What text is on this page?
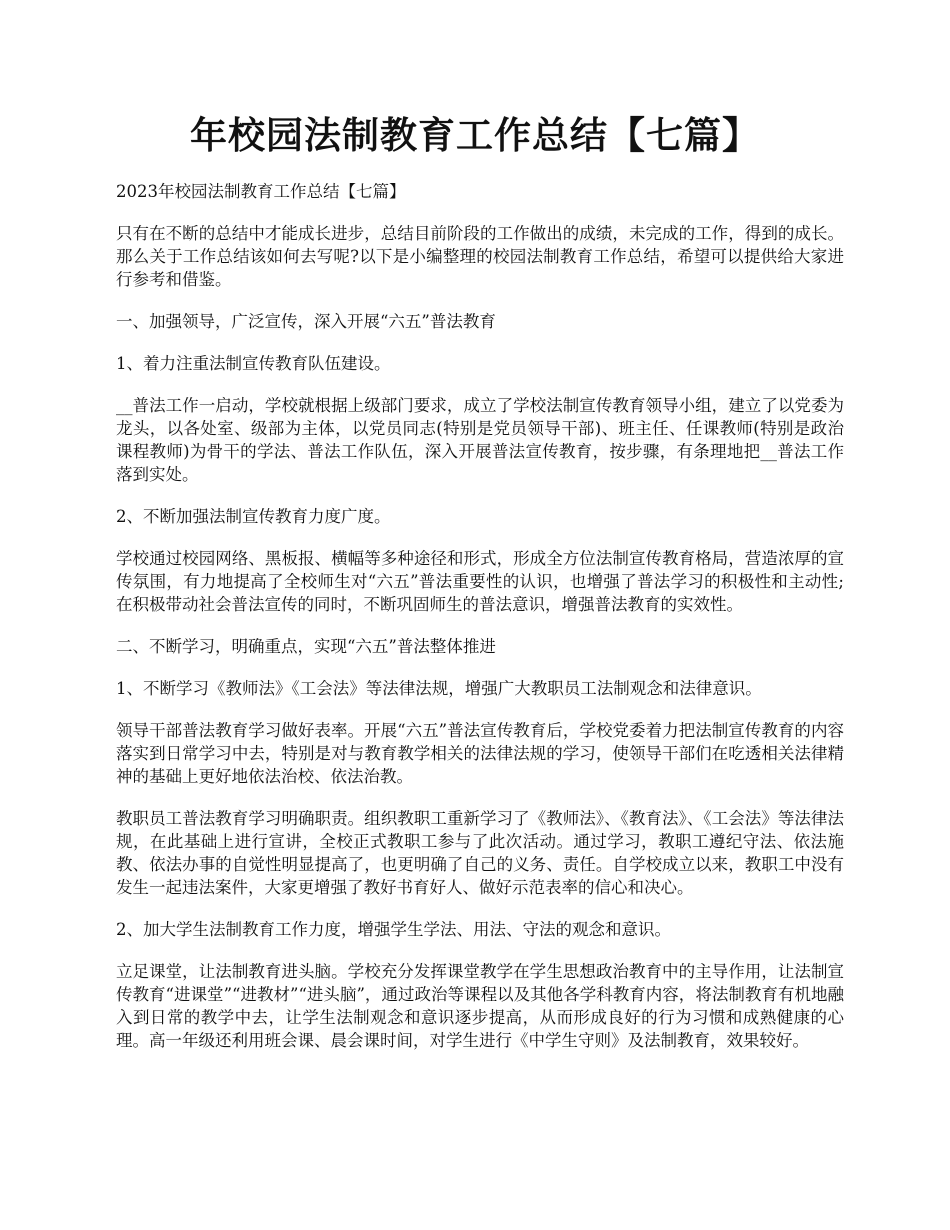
年校园法制教育工作总结【七篇】

2023年校园法制教育工作总结【七篇】

只有在不断的总结中才能成长进步，总结目前阶段的工作做出的成绩，未完成的工作，得到的成长。那么关于工作总结该如何去写呢?以下是小编整理的校园法制教育工作总结，希望可以提供给大家进行参考和借鉴。

一、加强领导，广泛宣传，深入开展“六五”普法教育

1、着力注重法制宣传教育队伍建设。

__普法工作一启动，学校就根据上级部门要求，成立了学校法制宣传教育领导小组，建立了以党委为龙头，以各处室、级部为主体，以党员同志(特别是党员领导干部)、班主任、任课教师(特别是政治课程教师)为骨干的学法、普法工作队伍，深入开展普法宣传教育，按步骤，有条理地把__普法工作落到实处。

2、不断加强法制宣传教育力度广度。

学校通过校园网络、黑板报、横幅等多种途径和形式，形成全方位法制宣传教育格局，营造浓厚的宣传氛围，有力地提高了全校师生对“六五”普法重要性的认识，也增强了普法学习的积极性和主动性;在积极带动社会普法宣传的同时，不断巩固师生的普法意识，增强普法教育的实效性。

二、不断学习，明确重点，实现“六五”普法整体推进

1、不断学习《教师法》《工会法》等法律法规，增强广大教职员工法制观念和法律意识。

领导干部普法教育学习做好表率。开展“六五”普法宣传教育后，学校党委着力把法制宣传教育的内容落实到日常学习中去，特别是对与教育教学相关的法律法规的学习，使领导干部们在吃透相关法律精神的基础上更好地依法治校、依法治教。

教职员工普法教育学习明确职责。组织教职工重新学习了《教师法》、《教育法》、《工会法》等法律法规，在此基础上进行宣讲，全校正式教职工参与了此次活动。通过学习，教职工遵纪守法、依法施教、依法办事的自觉性明显提高了，也更明确了自己的义务、责任。自学校成立以来，教职工中没有发生一起违法案件，大家更增强了教好书育好人、做好示范表率的信心和决心。

2、加大学生法制教育工作力度，增强学生学法、用法、守法的观念和意识。

立足课堂，让法制教育进头脑。学校充分发挥课堂教学在学生思想政治教育中的主导作用，让法制宣传教育“进课堂”“进教材”“进头脑”，通过政治等课程以及其他各学科教育内容，将法制教育有机地融入到日常的教学中去，让学生法制观念和意识逐步提高，从而形成良好的行为习惯和成熟健康的心理。高一年级还利用班会课、晨会课时间，对学生进行《中学生守则》及法制教育，效果较好。
